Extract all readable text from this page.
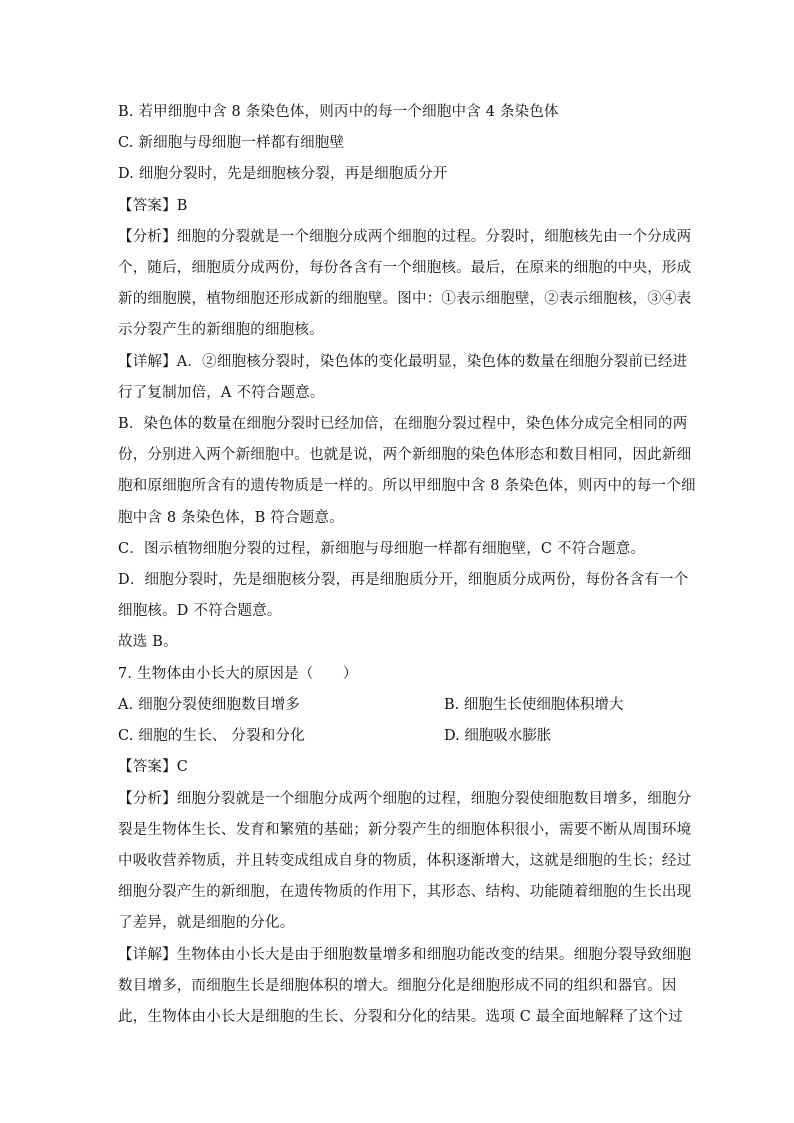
B. 若甲细胞中含 8 条染色体，则丙中的每一个细胞中含 4 条染色体
C. 新细胞与母细胞一样都有细胞壁
D. 细胞分裂时，先是细胞核分裂，再是细胞质分开
【答案】B
【分析】细胞的分裂就是一个细胞分成两个细胞的过程。分裂时，细胞核先由一个分成两
个，随后，细胞质分成两份，每份各含有一个细胞核。最后，在原来的细胞的中央，形成
新的细胞膜，植物细胞还形成新的细胞壁。图中：①表示细胞壁，②表示细胞核，③④表
示分裂产生的新细胞的细胞核。
【详解】A．②细胞核分裂时，染色体的变化最明显，染色体的数量在细胞分裂前已经进
行了复制加倍，A 不符合题意。
B．染色体的数量在细胞分裂时已经加倍，在细胞分裂过程中，染色体分成完全相同的两
份，分别进入两个新细胞中。也就是说，两个新细胞的染色体形态和数目相同，因此新细
胞和原细胞所含有的遗传物质是一样的。所以甲细胞中含 8 条染色体，则丙中的每一个细
胞中含 8 条染色体，B 符合题意。
C．图示植物细胞分裂的过程，新细胞与母细胞一样都有细胞壁，C 不符合题意。
D．细胞分裂时，先是细胞核分裂，再是细胞质分开，细胞质分成两份，每份各含有一个
细胞核。D 不符合题意。
故选 B。
7. 生物体由小长大的原因是（　　）
A. 细胞分裂使细胞数目增多	B. 细胞生长使细胞体积增大
C. 细胞的生长、 分裂和分化	D. 细胞吸水膨胀
【答案】C
【分析】细胞分裂就是一个细胞分成两个细胞的过程，细胞分裂使细胞数目增多，细胞分
裂是生物体生长、发育和繁殖的基础；新分裂产生的细胞体积很小，需要不断从周围环境
中吸收营养物质，并且转变成组成自身的物质，体积逐渐增大，这就是细胞的生长；经过
细胞分裂产生的新细胞，在遗传物质的作用下，其形态、结构、功能随着细胞的生长出现
了差异，就是细胞的分化。
【详解】生物体由小长大是由于细胞数量增多和细胞功能改变的结果。细胞分裂导致细胞
数目增多，而细胞生长是细胞体积的增大。细胞分化是细胞形成不同的组织和器官。因
此，生物体由小长大是细胞的生长、分裂和分化的结果。选项 C 最全面地解释了这个过
